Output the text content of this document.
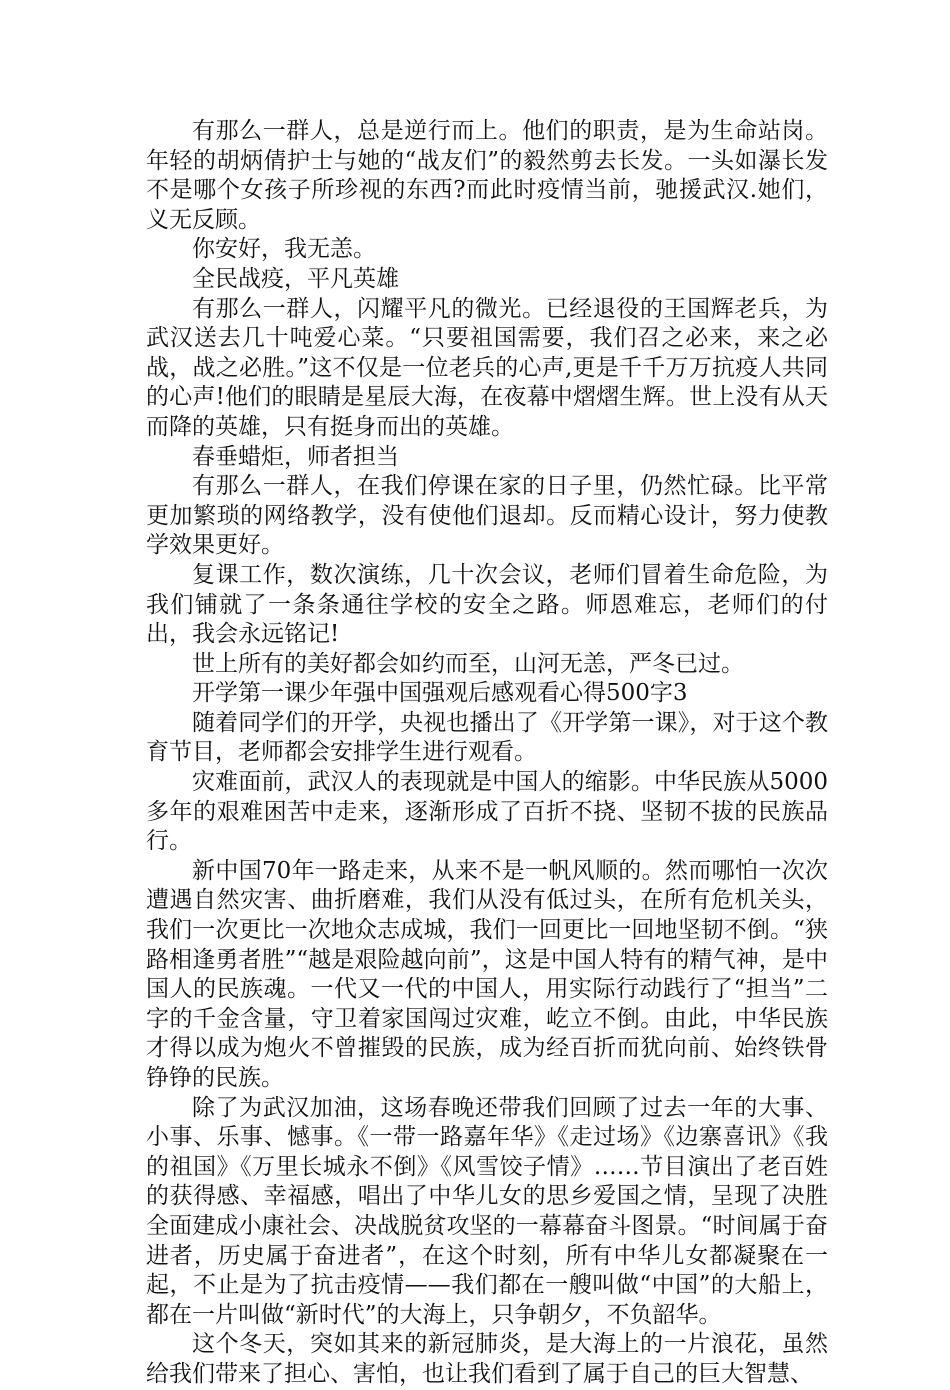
有那么一群人，总是逆行而上。他们的职责，是为生命站岗。年轻的胡炳倩护士与她的“战友们”的毅然剪去长发。一头如瀑长发不是哪个女孩子所珍视的东西?而此时疫情当前，驰援武汉.她们，义无反顾。

你安好，我无恙。

全民战疫，平凡英雄

有那么一群人，闪耀平凡的微光。已经退役的王国辉老兵，为武汉送去几十吨爱心菜。“只要祖国需要，我们召之必来，来之必战，战之必胜。”这不仅是一位老兵的心声,更是千千万万抗疫人共同的心声!他们的眼睛是星辰大海，在夜幕中熠熠生辉。世上没有从天而降的英雄，只有挺身而出的英雄。

春垂蜡炬，师者担当

有那么一群人，在我们停课在家的日子里，仍然忙碌。比平常更加繁琐的网络教学，没有使他们退却。反而精心设计，努力使教学效果更好。

复课工作，数次演练，几十次会议，老师们冒着生命危险，为我们铺就了一条条通往学校的安全之路。师恩难忘，老师们的付出，我会永远铭记!

世上所有的美好都会如约而至，山河无恙，严冬已过。

开学第一课少年强中国强观后感观看心得500字3

随着同学们的开学，央视也播出了《开学第一课》，对于这个教育节目，老师都会安排学生进行观看。

灾难面前，武汉人的表现就是中国人的缩影。中华民族从5000多年的艰难困苦中走来，逐渐形成了百折不挠、坚韧不拔的民族品行。

新中国70年一路走来，从来不是一帆风顺的。然而哪怕一次次遭遇自然灾害、曲折磨难，我们从没有低过头，在所有危机关头，我们一次更比一次地众志成城，我们一回更比一回地坚韧不倒。“狭路相逢勇者胜”“越是艰险越向前”，这是中国人特有的精气神，是中国人的民族魂。一代又一代的中国人，用实际行动践行了“担当”二字的千金含量，守卫着家国闯过灾难，屹立不倒。由此，中华民族才得以成为炮火不曾摧毁的民族，成为经百折而犹向前、始终铁骨铮铮的民族。

除了为武汉加油，这场春晚还带我们回顾了过去一年的大事、小事、乐事、憾事。《一带一路嘉年华》《走过场》《边寨喜讯》《我的祖国》《万里长城永不倒》《风雪饺子情》……节目演出了老百姓的获得感、幸福感，唱出了中华儿女的思乡爱国之情，呈现了决胜全面建成小康社会、决战脱贫攻坚的一幕幕奋斗图景。“时间属于奋进者，历史属于奋进者”，在这个时刻，所有中华儿女都凝聚在一起，不止是为了抗击疫情——我们都在一艘叫做“中国”的大船上，都在一片叫做“新时代”的大海上，只争朝夕，不负韶华。

这个冬天，突如其来的新冠肺炎，是大海上的一片浪花，虽然给我们带来了担心、害怕，也让我们看到了属于自己的巨大智慧、
